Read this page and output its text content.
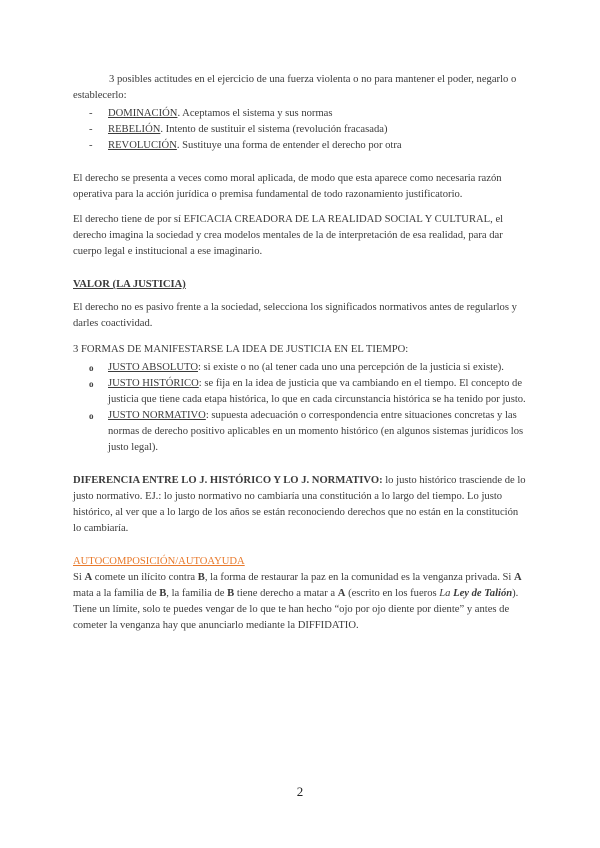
3 posibles actitudes en el ejercicio de una fuerza violenta o no para mantener el poder, negarlo o establecerlo:

- DOMINACIÓN. Aceptamos el sistema y sus normas
- REBELIÓN. Intento de sustituir el sistema (revolución fracasada)
- REVOLUCIÓN. Sustituye una forma de entender el derecho por otra

El derecho se presenta a veces como moral aplicada, de modo que esta aparece como necesaria razón operativa para la acción jurídica o premisa fundamental de todo razonamiento justificatorio.

El derecho tiene de por sí EFICACIA CREADORA DE LA REALIDAD SOCIAL Y CULTURAL, el derecho imagina la sociedad y crea modelos mentales de la de interpretación de esa realidad, para dar cuerpo legal e institucional a ese imaginario.

VALOR (LA JUSTICIA)

El derecho no es pasivo frente a la sociedad, selecciona los significados normativos antes de regularlos y darles coactividad.

3 FORMAS DE MANIFESTARSE LA IDEA DE JUSTICIA EN EL TIEMPO:

o JUSTO ABSOLUTO: si existe o no (al tener cada uno una percepción de la justicia si existe).
o JUSTO HISTÓRICO: se fija en la idea de justicia que va cambiando en el tiempo. El concepto de justicia que tiene cada etapa histórica, lo que en cada circunstancia histórica se ha tenido por justo.
o JUSTO NORMATIVO: supuesta adecuación o correspondencia entre situaciones concretas y las normas de derecho positivo aplicables en un momento histórico (en algunos sistemas jurídicos los justo legal).

DIFERENCIA ENTRE LO J. HISTÓRICO Y LO J. NORMATIVO: lo justo histórico trasciende de lo justo normativo. EJ.: lo justo normativo no cambiaría una constitución a lo largo del tiempo. Lo justo histórico, al ver que a lo largo de los años se están reconociendo derechos que no están en la constitución lo cambiaría.

AUTOCOMPOSICIÓN/AUTOAYUDA

Si A comete un ilícito contra B, la forma de restaurar la paz en la comunidad es la venganza privada. Si A mata a la familia de B, la familia de B tiene derecho a matar a A (escrito en los fueros La Ley de Talión). Tiene un límite, solo te puedes vengar de lo que te han hecho “ojo por ojo diente por diente” y antes de cometer la venganza hay que anunciarlo mediante la DIFFIDATIO.

2
